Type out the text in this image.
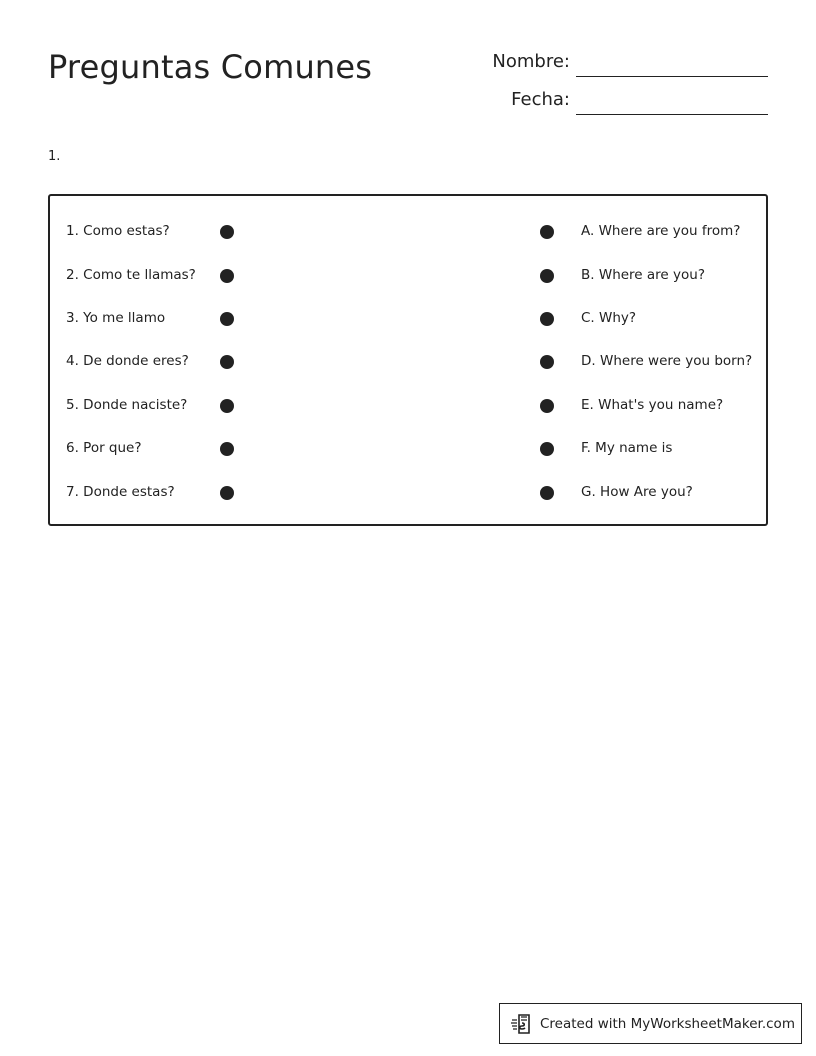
Preguntas Comunes	Nombre:
Fecha:
1.
1. Como estas?	A. Where are you from?
2. Como te llamas?	B. Where are you?
3. Yo me llamo	C. Why?
4. De donde eres?	D. Where were you born?
5. Donde naciste?	E. What's you name?
6. Por que?	F. My name is
7. Donde estas?	G. How Are you?
Created with MyWorksheetMaker.com
